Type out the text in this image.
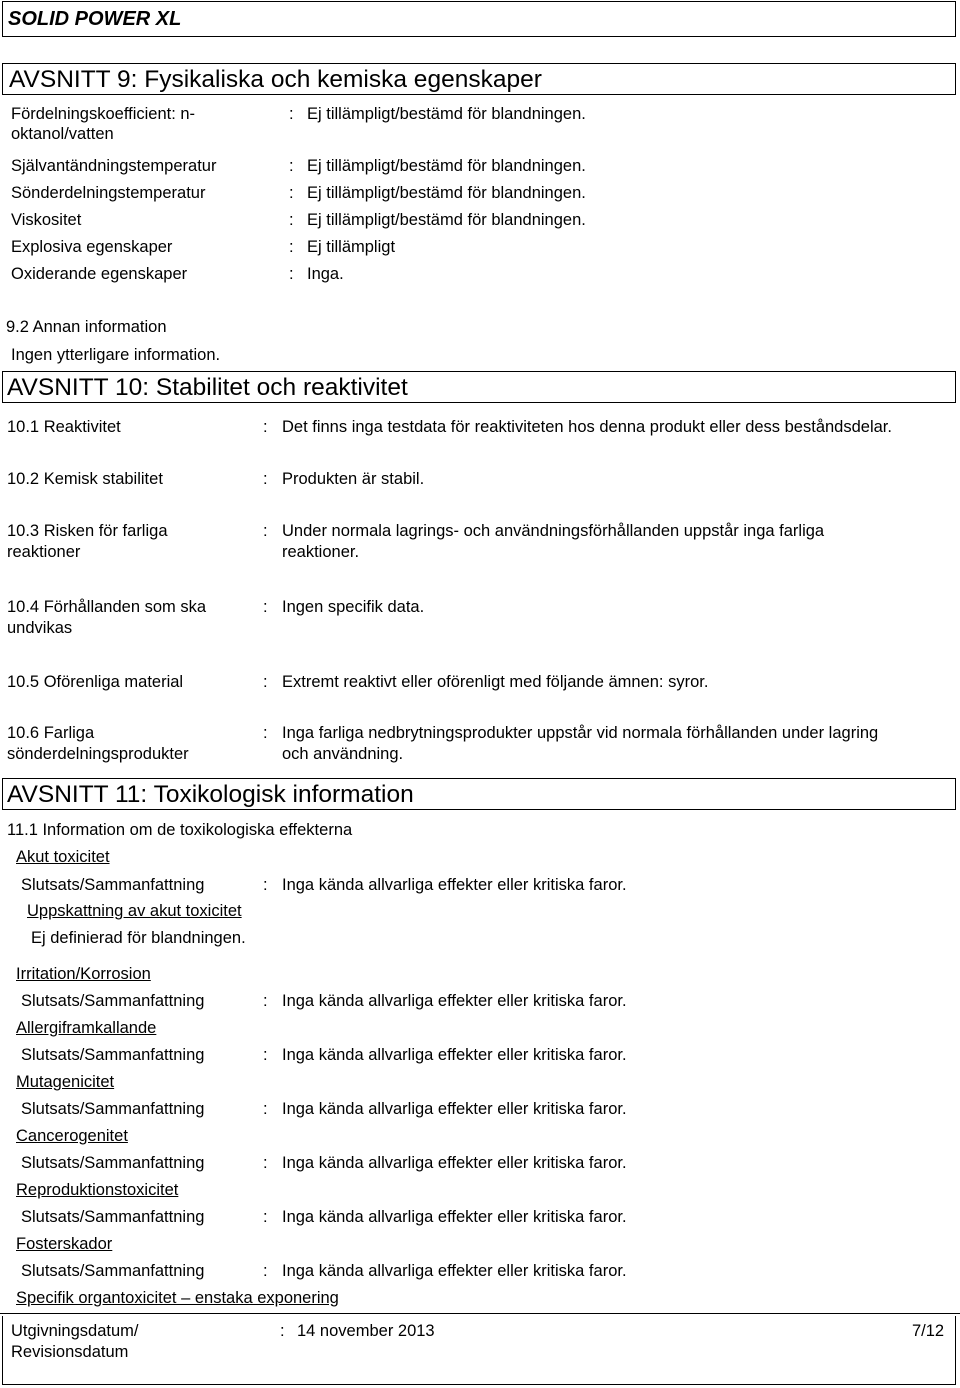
SOLID POWER XL
AVSNITT 9: Fysikaliska och kemiska egenskaper
Fördelningskoefficient: n-
oktanol/vatten
: Ej tillämpligt/bestämd för blandningen.
Självantändningstemperatur	: Ej tillämpligt/bestämd för blandningen.
Sönderdelningstemperatur	: Ej tillämpligt/bestämd för blandningen.
Viskositet	: Ej tillämpligt/bestämd för blandningen.
Explosiva egenskaper	: Ej tillämpligt
Oxiderande egenskaper	: Inga.
9.2 Annan information
Ingen ytterligare information.
AVSNITT 10: Stabilitet och reaktivitet
10.1 Reaktivitet	: Det finns inga testdata för reaktiviteten hos denna produkt eller dess beståndsdelar.
10.2 Kemisk stabilitet	: Produkten är stabil.
10.3 Risken för farliga
reaktioner
: Under normala lagrings- och användningsförhållanden uppstår inga farliga
reaktioner.
10.4 Förhållanden som ska
undvikas
: Ingen specifik data.
10.5 Oförenliga material	: Extremt reaktivt eller oförenligt med följande ämnen: syror.
10.6 Farliga
sönderdelningsprodukter
: Inga farliga nedbrytningsprodukter uppstår vid normala förhållanden under lagring
och användning.
AVSNITT 11: Toxikologisk information
11.1 Information om de toxikologiska effekterna
Akut toxicitet
Slutsats/Sammanfattning	: Inga kända allvarliga effekter eller kritiska faror.
Uppskattning av akut toxicitet
Ej definierad för blandningen.
Irritation/Korrosion
Slutsats/Sammanfattning	: Inga kända allvarliga effekter eller kritiska faror.
Allergiframkallande
Slutsats/Sammanfattning	: Inga kända allvarliga effekter eller kritiska faror.
Mutagenicitet
Slutsats/Sammanfattning	: Inga kända allvarliga effekter eller kritiska faror.
Cancerogenitet
Slutsats/Sammanfattning	: Inga kända allvarliga effekter eller kritiska faror.
Reproduktionstoxicitet
Slutsats/Sammanfattning	: Inga kända allvarliga effekter eller kritiska faror.
Fosterskador
Slutsats/Sammanfattning	: Inga kända allvarliga effekter eller kritiska faror.
Specifik organtoxicitet – enstaka exponering
Utgivningsdatum/
Revisionsdatum
: 14 november 2013	7/12
